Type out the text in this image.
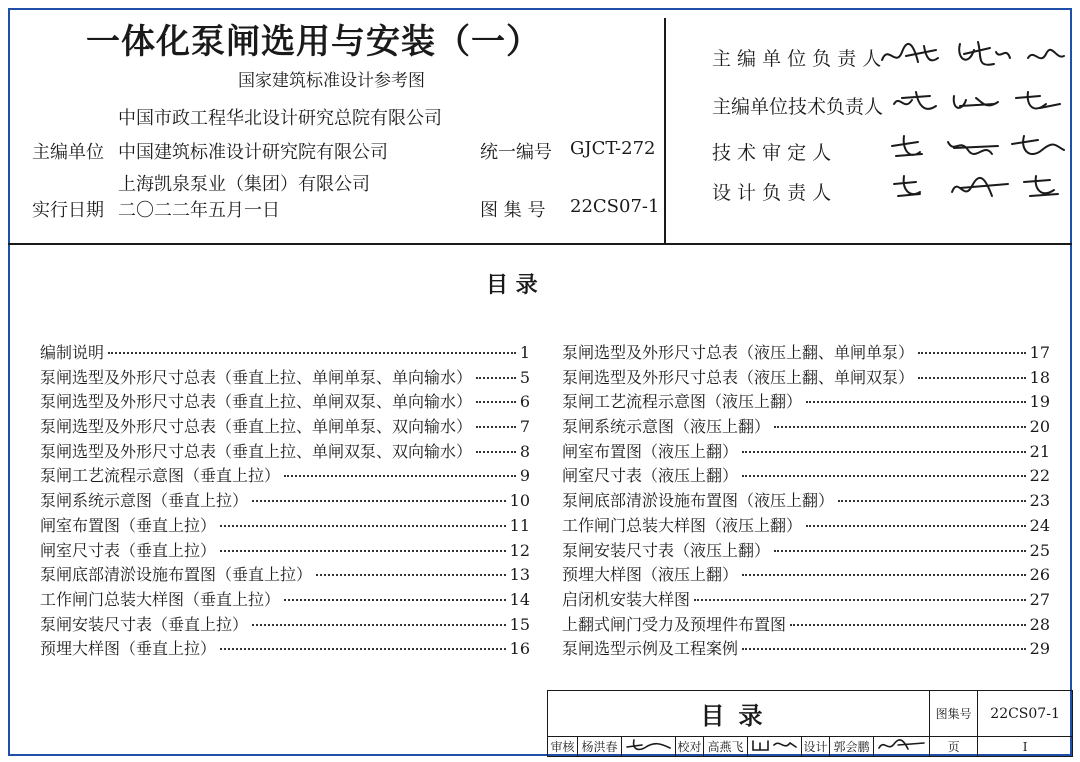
一体化泵闸选用与安装（一）
国家建筑标准设计参考图
中国市政工程华北设计研究总院有限公司
主编单位 中国建筑标准设计研究院有限公司
上海凯泉泵业（集团）有限公司
实行日期 二〇二二年五月一日
统一编号 GJCT-272
图 集 号 22CS07-1
主 编 单 位 负 责 人
主编单位技术负责人
技 术 审 定 人
设 计 负 责 人
目 录
编制说明	1
泵闸选型及外形尺寸总表（垂直上拉、单闸单泵、单向输水）	5
泵闸选型及外形尺寸总表（垂直上拉、单闸双泵、单向输水）	6
泵闸选型及外形尺寸总表（垂直上拉、单闸单泵、双向输水）	7
泵闸选型及外形尺寸总表（垂直上拉、单闸双泵、双向输水）	8
泵闸工艺流程示意图（垂直上拉）	9
泵闸系统示意图（垂直上拉）	10
闸室布置图（垂直上拉）	11
闸室尺寸表（垂直上拉）	12
泵闸底部清淤设施布置图（垂直上拉）	13
工作闸门总装大样图（垂直上拉）	14
泵闸安装尺寸表（垂直上拉）	15
预埋大样图（垂直上拉）	16
泵闸选型及外形尺寸总表（液压上翻、单闸单泵）	17
泵闸选型及外形尺寸总表（液压上翻、单闸双泵）	18
泵闸工艺流程示意图（液压上翻）	19
泵闸系统示意图（液压上翻）	20
闸室布置图（液压上翻）	21
闸室尺寸表（液压上翻）	22
泵闸底部清淤设施布置图（液压上翻）	23
工作闸门总装大样图（液压上翻）	24
泵闸安装尺寸表（液压上翻）	25
预埋大样图（液压上翻）	26
启闭机安装大样图	27
上翻式闸门受力及预埋件布置图	28
泵闸选型示例及工程案例	29
目录									图集号	22CS07-1
审核	杨洪春		校对	高燕飞		设计	郭会鹏		页	I
